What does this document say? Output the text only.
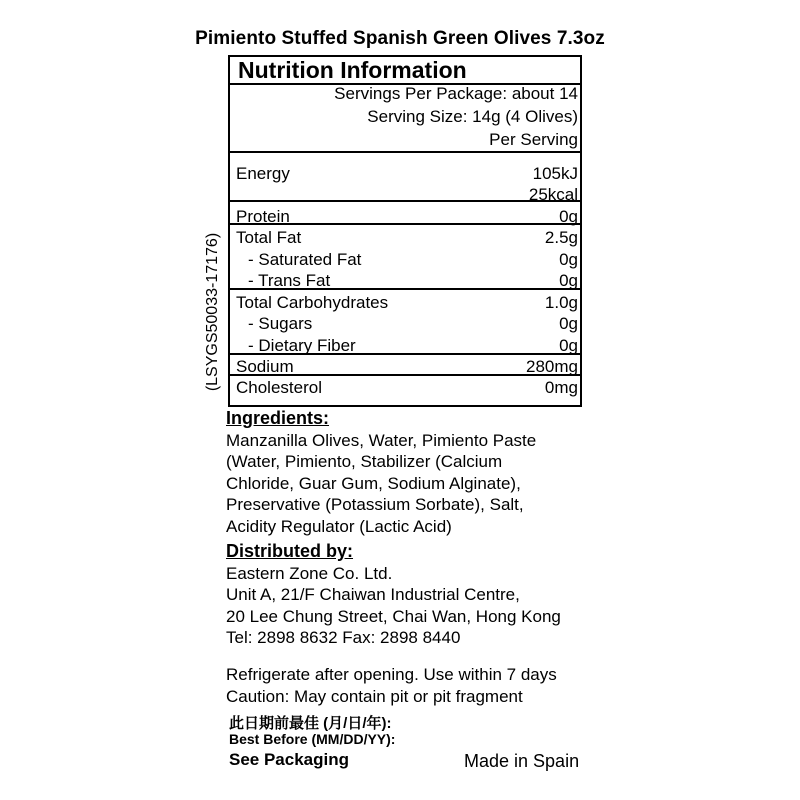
Pimiento Stuffed Spanish Green Olives 7.3oz
(LSYGS50033-17176)
Nutrition Information
Servings Per Package: about 14
Serving Size: 14g (4 Olives)
Per Serving
Energy	105kJ
25kcal
Protein	0g
Total Fat	2.5g
- Saturated Fat	0g
- Trans Fat	0g
Total Carbohydrates	1.0g
- Sugars	0g
- Dietary Fiber	0g
Sodium	280mg
Cholesterol	0mg
Ingredients:
Manzanilla Olives, Water, Pimiento Paste
(Water, Pimiento, Stabilizer (Calcium
Chloride, Guar Gum, Sodium Alginate),
Preservative (Potassium Sorbate), Salt,
Acidity Regulator (Lactic Acid)
Distributed by:
Eastern Zone Co. Ltd.
Unit A, 21/F Chaiwan Industrial Centre,
20 Lee Chung Street, Chai Wan, Hong Kong
Tel: 2898 8632 Fax: 2898 8440
Refrigerate after opening. Use within 7 days
Caution: May contain pit or pit fragment
此日期前最佳 (月/日/年):
Best Before (MM/DD/YY):
See Packaging	Made in Spain
